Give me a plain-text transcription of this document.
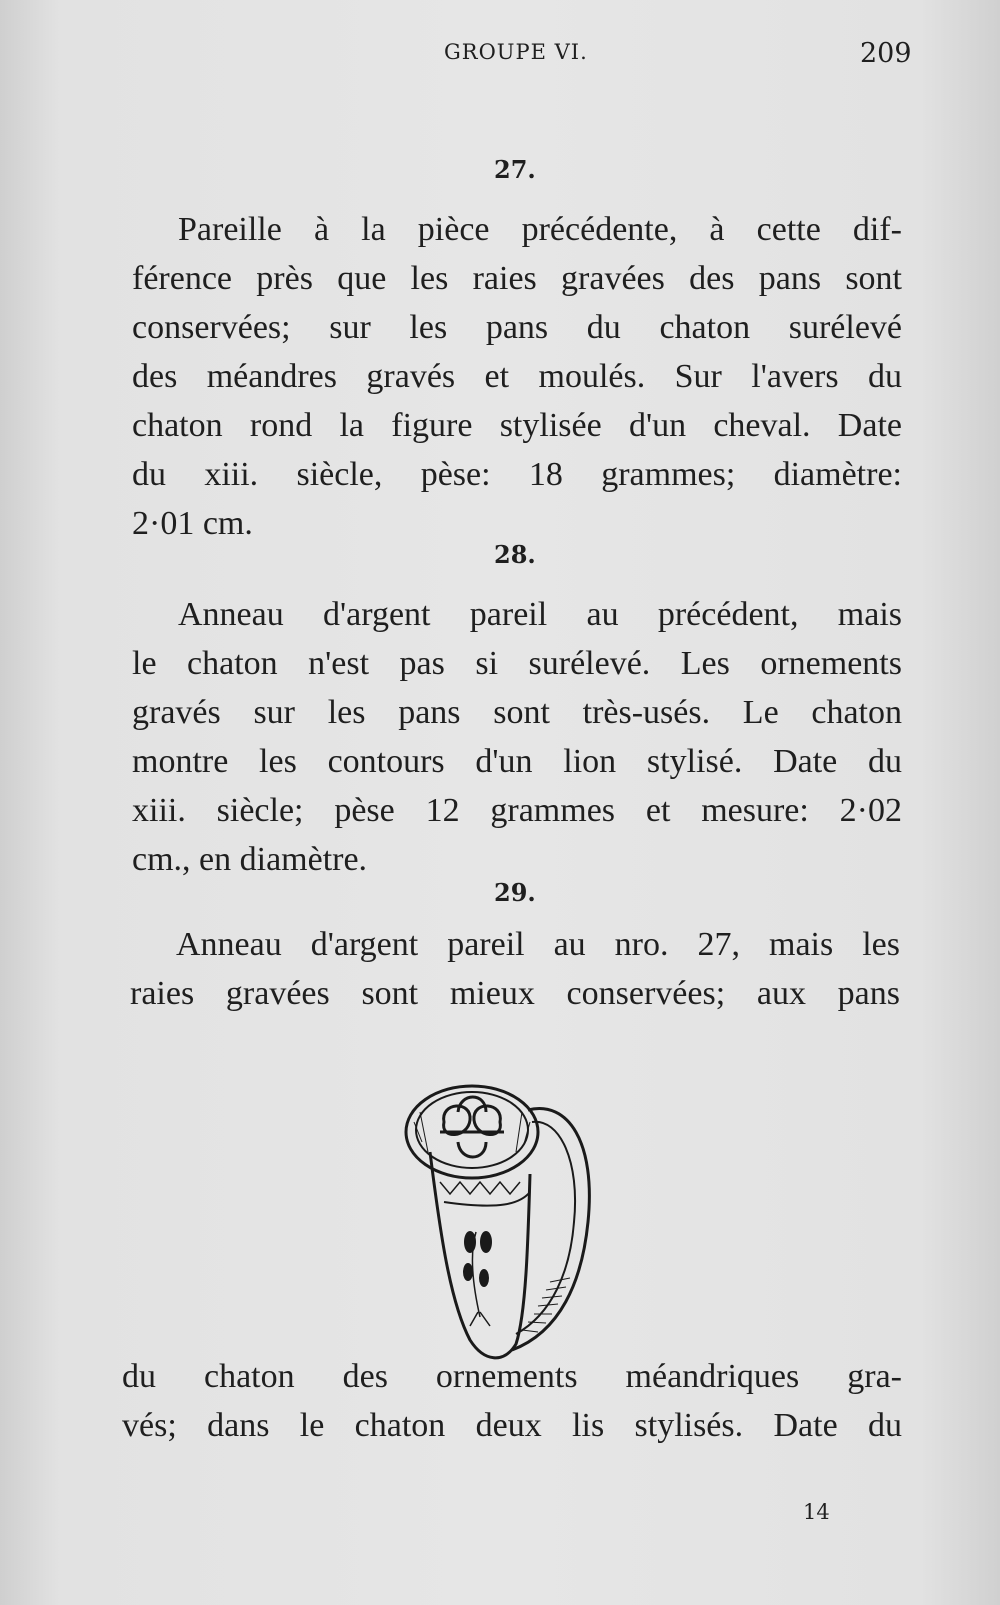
GROUPE VI.	209
27.
Pareille à la pièce précédente, à cette dif-
férence près que les raies gravées des pans sont
conservées; sur les pans du chaton surélevé
des méandres gravés et moulés. Sur l'avers du
chaton rond la figure stylisée d'un cheval. Date
du xiii. siècle, pèse: 18 grammes; diamètre:
2·01 cm.
28.
Anneau d'argent pareil au précédent, mais
le chaton n'est pas si surélevé. Les ornements
gravés sur les pans sont très-usés. Le chaton
montre les contours d'un lion stylisé. Date du
xiii. siècle; pèse 12 grammes et mesure: 2·02
cm., en diamètre.
29.
Anneau d'argent pareil au nro. 27, mais les
raies gravées sont mieux conservées; aux pans
du chaton des ornements méandriques gra-
vés; dans le chaton deux lis stylisés. Date du
14
